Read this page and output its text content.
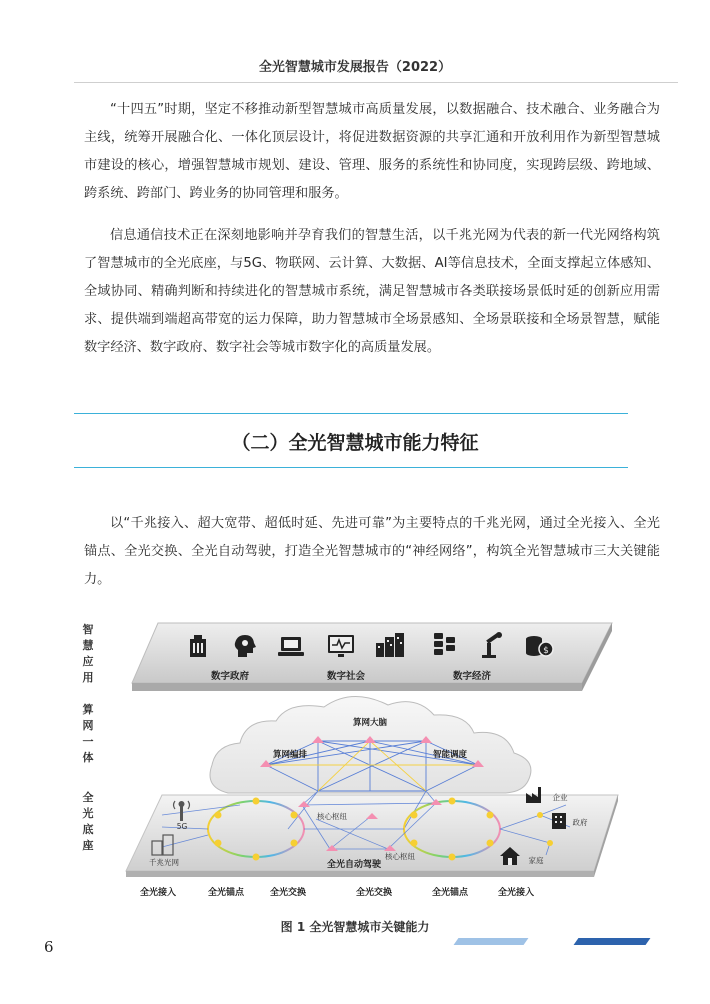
全光智慧城市发展报告（2022）

“十四五”时期，坚定不移推动新型智慧城市高质量发展，以数据融合、技术融合、业务融合为主线，统筹开展融合化、一体化顶层设计，将促进数据资源的共享汇通和开放利用作为新型智慧城市建设的核心，增强智慧城市规划、建设、管理、服务的系统性和协同度，实现跨层级、跨地域、跨系统、跨部门、跨业务的协同管理和服务。

信息通信技术正在深刻地影响并孕育我们的智慧生活，以千兆光网为代表的新一代光网络构筑了智慧城市的全光底座，与5G、物联网、云计算、大数据、AI等信息技术，全面支撑起立体感知、全域协同、精确判断和持续进化的智慧城市系统，满足智慧城市各类联接场景低时延的创新应用需求、提供端到端超高带宽的运力保障，助力智慧城市全场景感知、全场景联接和全场景智慧，赋能数字经济、数字政府、数字社会等城市数字化的高质量发展。

（二）全光智慧城市能力特征

以“千兆接入、超大宽带、超低时延、先进可靠”为主要特点的千兆光网，通过全光接入、全光锚点、全光交换、全光自动驾驶，打造全光智慧城市的“神经网络”，构筑全光智慧城市三大关键能力。

智慧应用
算网一体
全光底座
$
数字政府	数字社会	数字经济
算网大脑
算网编排	智能调度
核心枢纽
核心枢纽
千兆光网
5G
企业
政府
家庭
全光自动驾驶
全光接入	全光锚点	全光交换	全光交换	全光锚点	全光接入
图 1 全光智慧城市关键能力
6
